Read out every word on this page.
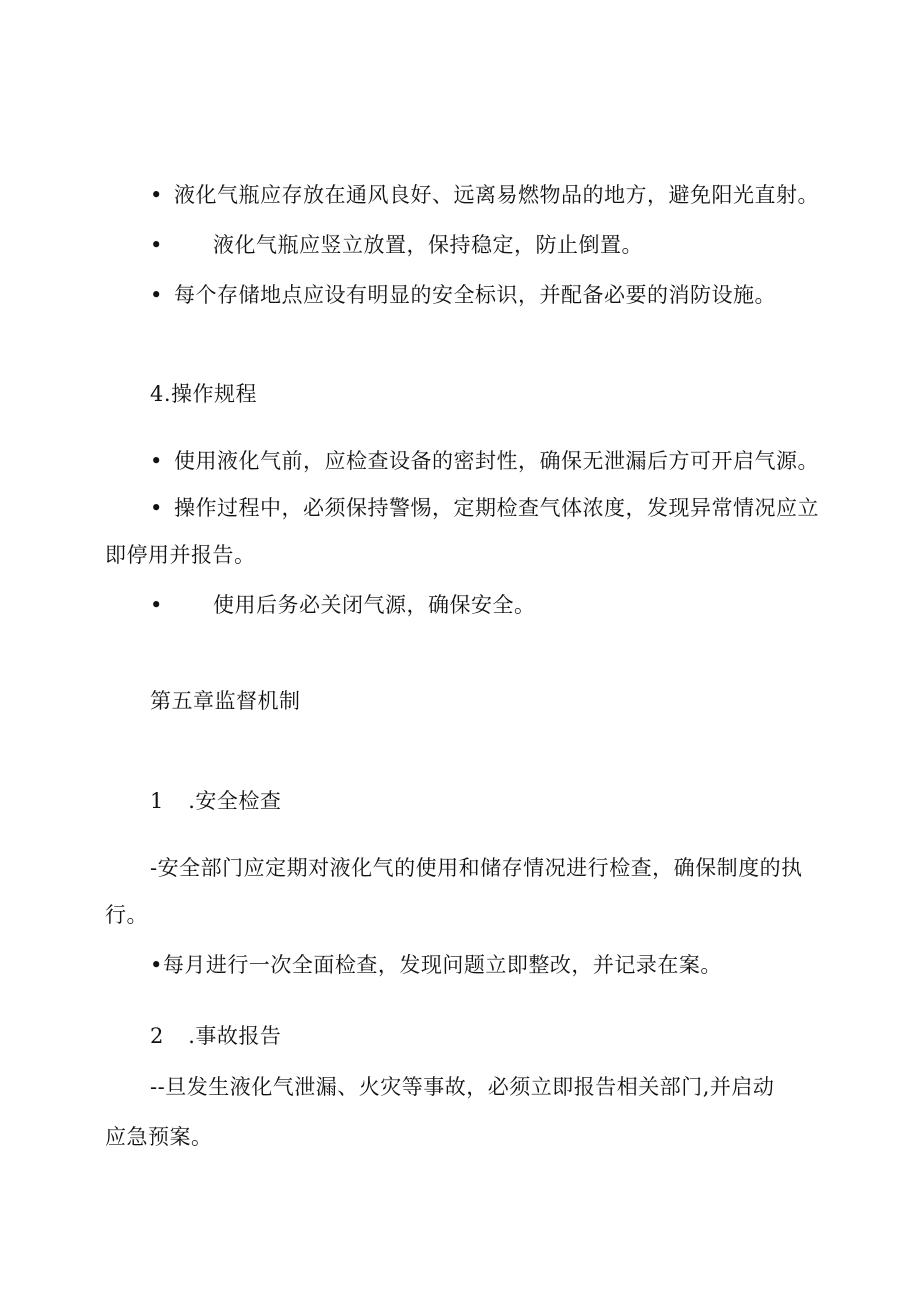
• 液化气瓶应存放在通风良好、远离易燃物品的地方，避免阳光直射。
• 液化气瓶应竖立放置，保持稳定，防止倒置。
• 每个存储地点应设有明显的安全标识，并配备必要的消防设施。
4.操作规程
• 使用液化气前，应检查设备的密封性，确保无泄漏后方可开启气源。
• 操作过程中，必须保持警惕，定期检查气体浓度，发现异常情况应立
即停用并报告。
• 使用后务必关闭气源，确保安全。
第五章监督机制
1 .安全检查
-安全部门应定期对液化气的使用和储存情况进行检查，确保制度的执
行。
•每月进行一次全面检查，发现问题立即整改，并记录在案。
2 .事故报告
--旦发生液化气泄漏、火灾等事故，必须立即报告相关部门,并启动
应急预案。
